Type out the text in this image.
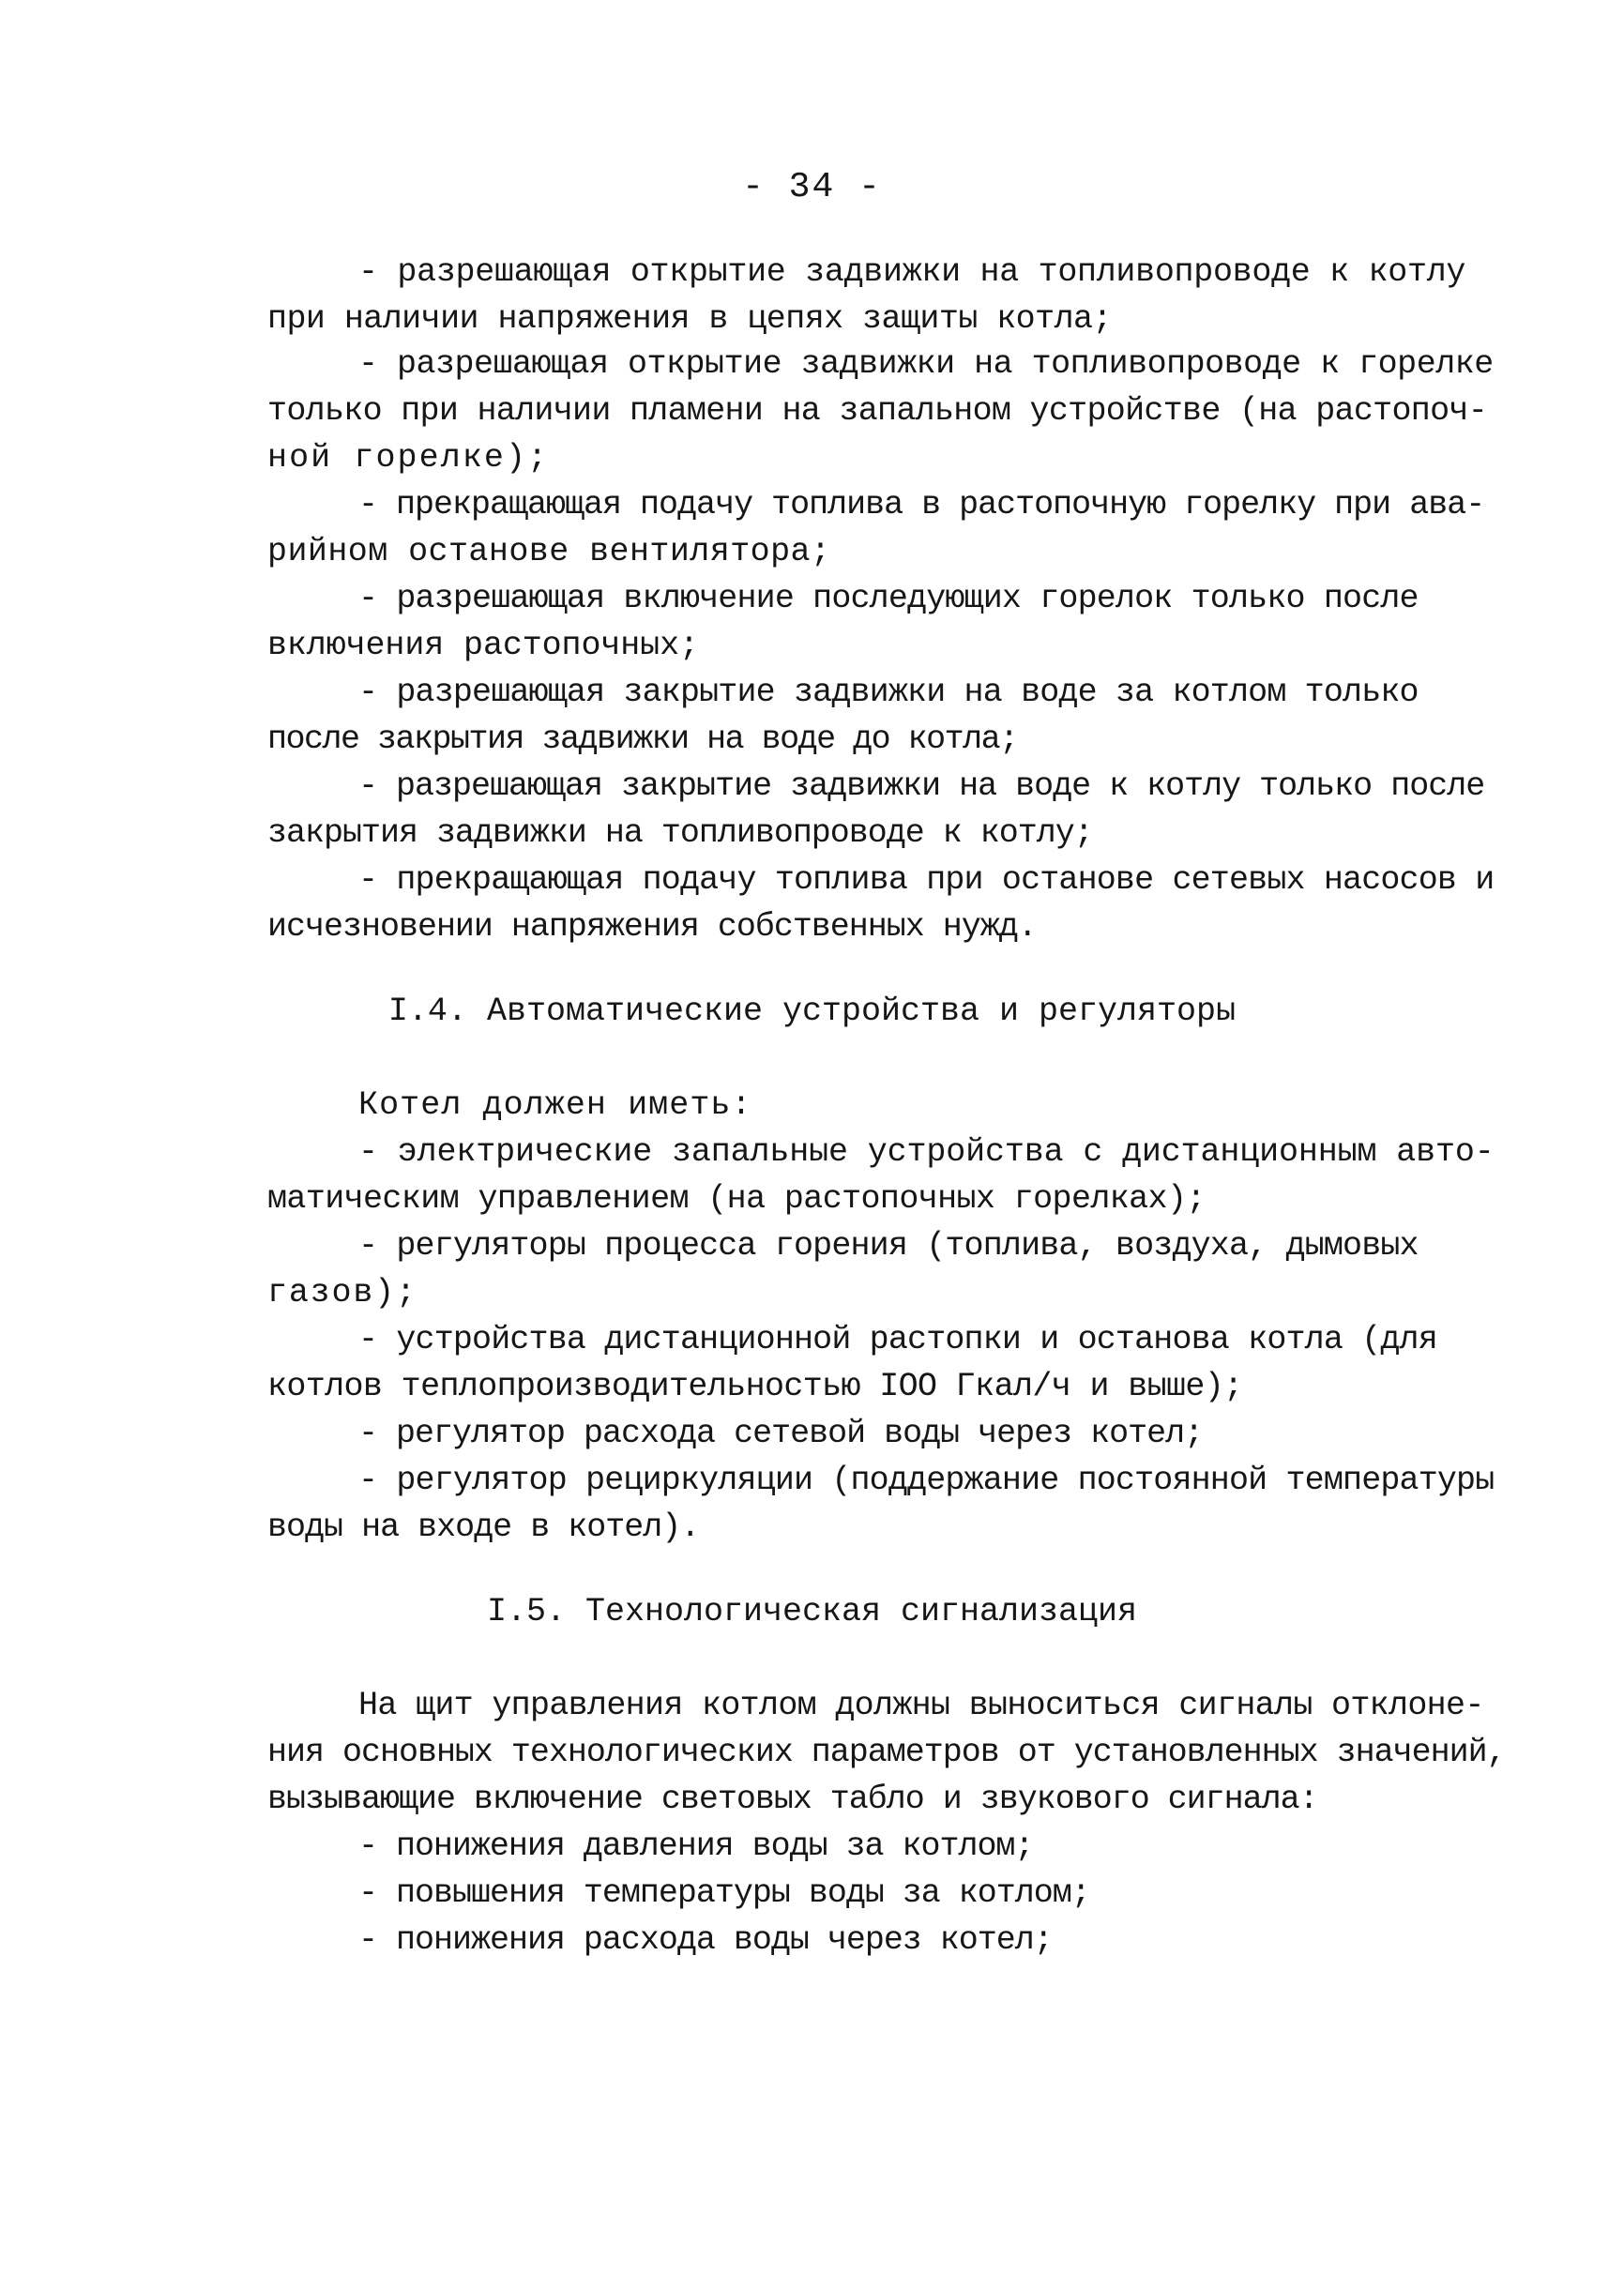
- 34 -
- разрешающая открытие задвижки на топливопроводе к котлу
при наличии напряжения в цепях защиты котла;
- разрешающая открытие задвижки на топливопроводе к горелке
только при наличии пламени на запальном устройстве (на растопоч-
ной горелке);
- прекращающая подачу топлива в растопочную горелку при ава-
рийном останове вентилятора;
- разрешающая включение последующих горелок только после
включения растопочных;
- разрешающая закрытие задвижки на воде за котлом только
после закрытия задвижки на воде до котла;
- разрешающая закрытие задвижки на воде к котлу только после
закрытия задвижки на топливопроводе к котлу;
- прекращающая подачу топлива при останове сетевых насосов и
исчезновении напряжения собственных нужд.
I.4. Автоматические устройства и регуляторы
Котел должен иметь:
- электрические запальные устройства с дистанционным авто-
матическим управлением (на растопочных горелках);
- регуляторы процесса горения (топлива, воздуха, дымовых
газов);
- устройства дистанционной растопки и останова котла (для
котлов теплопроизводительностью IOO Гкал/ч и выше);
- регулятор расхода сетевой воды через котел;
- регулятор рециркуляции (поддержание постоянной температуры
воды на входе в котел).
I.5. Технологическая сигнализация
На щит управления котлом должны выноситься сигналы отклоне-
ния основных технологических параметров от установленных значений,
вызывающие включение световых табло и звукового сигнала:
- понижения давления воды за котлом;
- повышения температуры воды за котлом;
- понижения расхода воды через котел;
